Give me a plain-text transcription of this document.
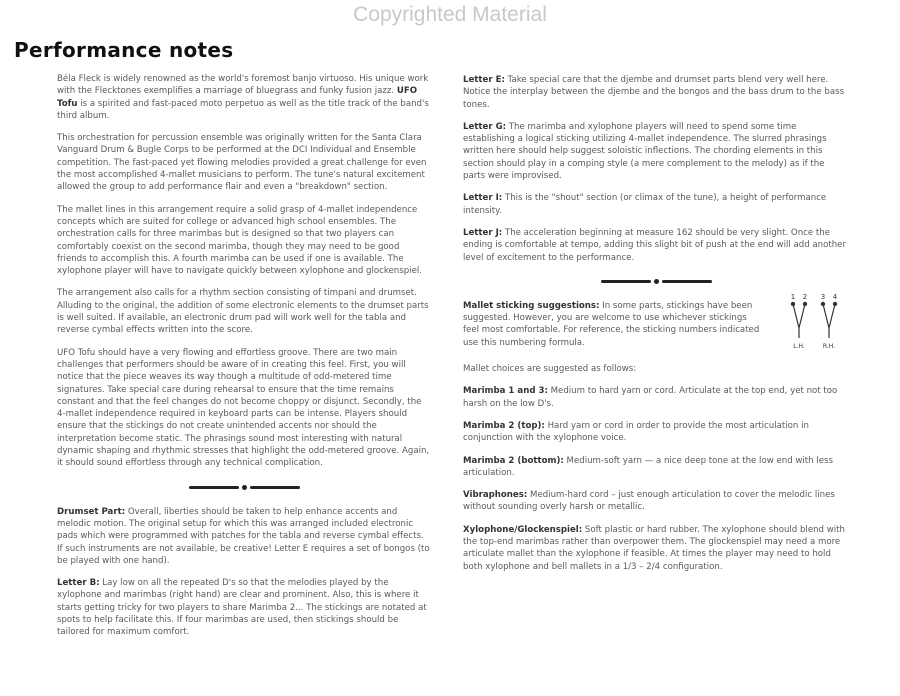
Copyrighted Material
Performance notes

Béla Fleck is widely renowned as the world's foremost banjo virtuoso. His unique work with the Flecktones exemplifies a marriage of bluegrass and funky fusion jazz. UFO Tofu is a spirited and fast-paced moto perpetuo as well as the title track of the band's third album.

This orchestration for percussion ensemble was originally written for the Santa Clara Vanguard Drum & Bugle Corps to be performed at the DCI Individual and Ensemble competition. The fast-paced yet flowing melodies provided a great challenge for even the most accomplished 4-mallet musicians to perform. The tune's natural excitement allowed the group to add performance flair and even a "breakdown" section.

The mallet lines in this arrangement require a solid grasp of 4-mallet independence concepts which are suited for college or advanced high school ensembles. The orchestration calls for three marimbas but is designed so that two players can comfortably coexist on the second marimba, though they may need to be good friends to accomplish this. A fourth marimba can be used if one is available. The xylophone player will have to navigate quickly between xylophone and glockenspiel.

The arrangement also calls for a rhythm section consisting of timpani and drumset. Alluding to the original, the addition of some electronic elements to the drumset parts is well suited. If available, an electronic drum pad will work well for the tabla and reverse cymbal effects written into the score.

UFO Tofu should have a very flowing and effortless groove. There are two main challenges that performers should be aware of in creating this feel. First, you will notice that the piece weaves its way though a multitude of odd-metered time signatures. Take special care during rehearsal to ensure that the time remains constant and that the feel changes do not become choppy or disjunct. Secondly, the 4-mallet independence required in keyboard parts can be intense. Players should ensure that the stickings do not create unintended accents nor should the interpretation become static. The phrasings sound most interesting with natural dynamic shaping and rhythmic stresses that highlight the odd-metered groove. Again, it should sound effortless through any technical complication.

Drumset Part: Overall, liberties should be taken to help enhance accents and melodic motion. The original setup for which this was arranged included electronic pads which were programmed with patches for the tabla and reverse cymbal effects. If such instruments are not available, be creative! Letter E requires a set of bongos (to be played with one hand).

Letter B: Lay low on all the repeated D's so that the melodies played by the xylophone and marimbas (right hand) are clear and prominent. Also, this is where it starts getting tricky for two players to share Marimba 2... The stickings are notated at spots to help facilitate this. If four marimbas are used, then stickings should be tailored for maximum comfort.

Letter E: Take special care that the djembe and drumset parts blend very well here. Notice the interplay between the djembe and the bongos and the bass drum to the bass tones.

Letter G: The marimba and xylophone players will need to spend some time establishing a logical sticking utilizing 4-mallet independence. The slurred phrasings written here should help suggest soloistic inflections. The chording elements in this section should play in a comping style (a mere complement to the melody) as if the parts were improvised.

Letter I: This is the "shout" section (or climax of the tune), a height of performance intensity.

Letter J: The acceleration beginning at measure 162 should be very slight. Once the ending is comfortable at tempo, adding this slight bit of push at the end will add another level of excitement to the performance.

Mallet sticking suggestions: In some parts, stickings have been suggested. However, you are welcome to use whichever stickings feel most comfortable. For reference, the sticking numbers indicated use this numbering formula.

1 2 3 4
L.H.	R.H.

Mallet choices are suggested as follows:

Marimba 1 and 3: Medium to hard yarn or cord. Articulate at the top end, yet not too harsh on the low D's.

Marimba 2 (top): Hard yarn or cord in order to provide the most articulation in conjunction with the xylophone voice.

Marimba 2 (bottom): Medium-soft yarn — a nice deep tone at the low end with less articulation.

Vibraphones: Medium-hard cord – just enough articulation to cover the melodic lines without sounding overly harsh or metallic.

Xylophone/Glockenspiel: Soft plastic or hard rubber. The xylophone should blend with the top-end marimbas rather than overpower them. The glockenspiel may need a more articulate mallet than the xylophone if feasible. At times the player may need to hold both xylophone and bell mallets in a 1/3 – 2/4 configuration.
